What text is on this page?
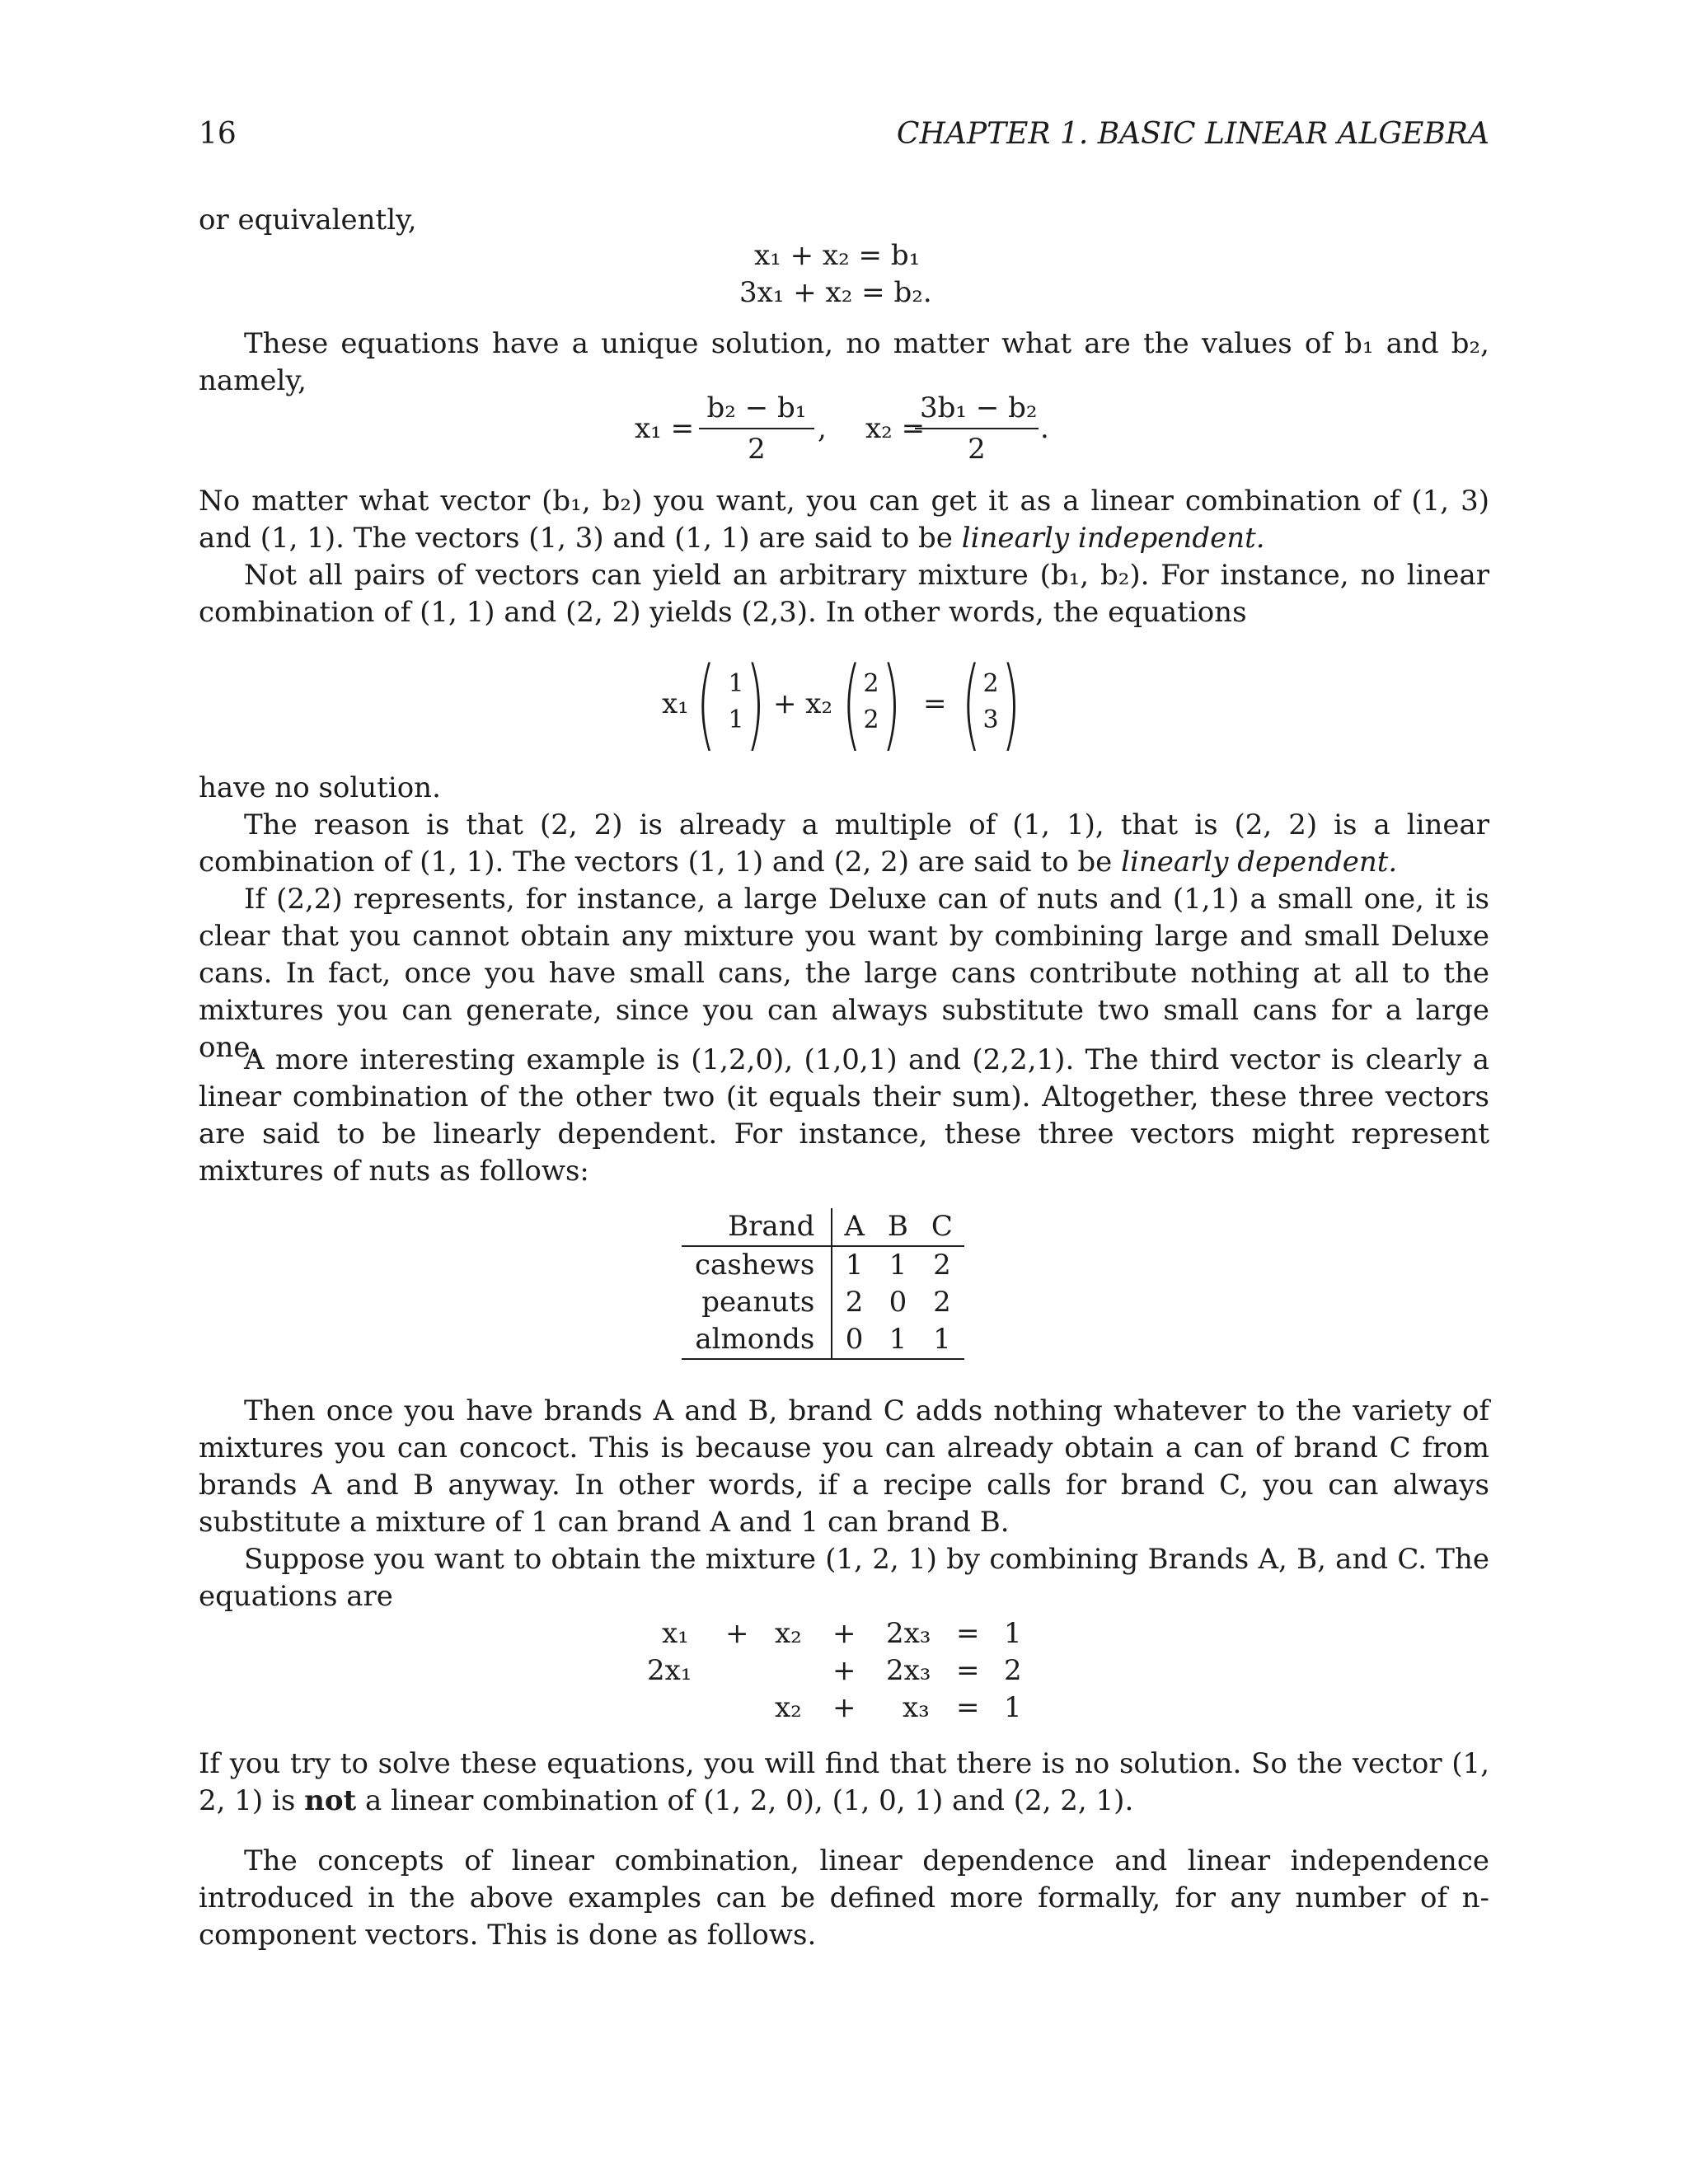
16	CHAPTER 1. BASIC LINEAR ALGEBRA

or equivalently,

x₁ + x₂ = b₁
3x₁ + x₂ = b₂.

These equations have a unique solution, no matter what are the values of b₁ and b₂, namely,

$x_1 = \frac{\text{b₂ − b₁}}{2}$ , x₂ =
$\frac{\text{3b₁ − b₂}}{2}$ .

No matter what vector (b₁, b₂) you want, you can get it as a linear combination of (1, 3) and (1, 1). The vectors (1, 3) and (1, 1) are said to be linearly independent.

Not all pairs of vectors can yield an arbitrary mixture (b₁, b₂). For instance, no linear combination of (1, 1) and (2, 2) yields (2,3). In other words, the equations

x₁ ( 1
1 ) + x₂ ( 2
2 ) = ( 2
3 )

have no solution.

The reason is that (2, 2) is already a multiple of (1, 1), that is (2, 2) is a linear combination of (1, 1). The vectors (1, 1) and (2, 2) are said to be linearly dependent.

If (2,2) represents, for instance, a large Deluxe can of nuts and (1,1) a small one, it is clear that you cannot obtain any mixture you want by combining large and small Deluxe cans. In fact, once you have small cans, the large cans contribute nothing at all to the mixtures you can generate, since you can always substitute two small cans for a large one.

A more interesting example is (1,2,0), (1,0,1) and (2,2,1). The third vector is clearly a linear combination of the other two (it equals their sum). Altogether, these three vectors are said to be linearly dependent. For instance, these three vectors might represent mixtures of nuts as follows:

Brand	A	B	C
cashews	1	1	2
peanuts	2	0	2
almonds	0	1	1

Then once you have brands A and B, brand C adds nothing whatever to the variety of mixtures you can concoct. This is because you can already obtain a can of brand C from brands A and B anyway. In other words, if a recipe calls for brand C, you can always substitute a mixture of 1 can brand A and 1 can brand B.

Suppose you want to obtain the mixture (1, 2, 1) by combining Brands A, B, and C. The equations are

x₁ + x₂ + 2x₃ = 1
2x₁	+ 2x₃ = 2
x₂ + x₃ = 1

If you try to solve these equations, you will find that there is no solution. So the vector (1, 2, 1) is not a linear combination of (1, 2, 0), (1, 0, 1) and (2, 2, 1).

The concepts of linear combination, linear dependence and linear independence introduced in the above examples can be defined more formally, for any number of n-component vectors. This is done as follows.
